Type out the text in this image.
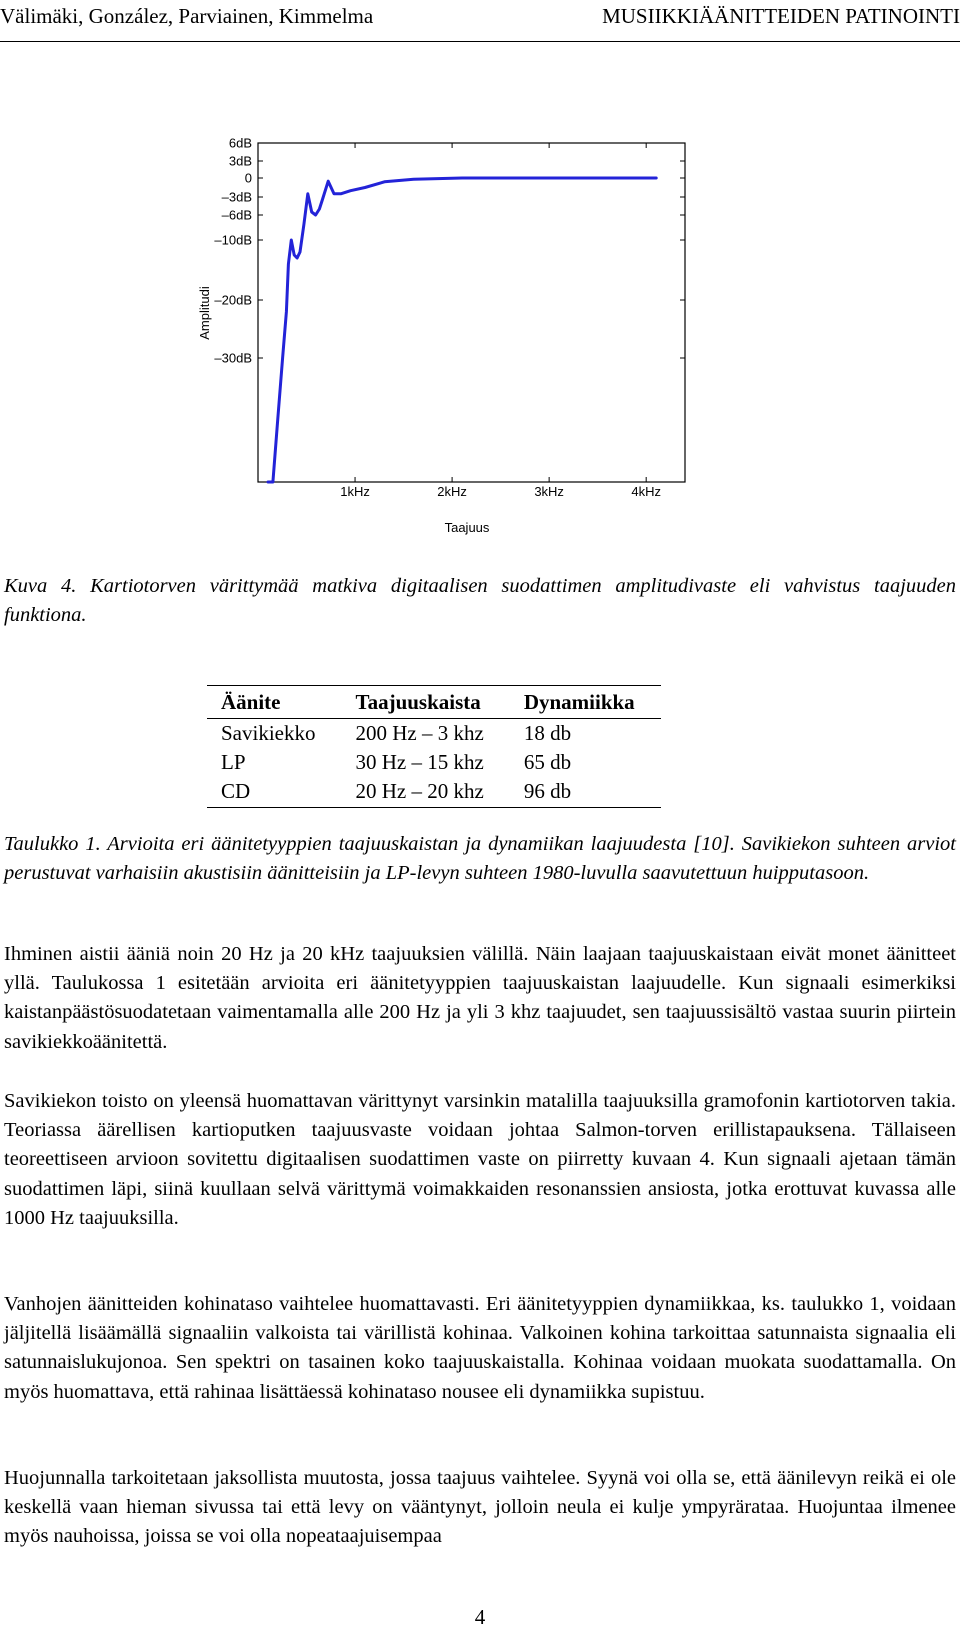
Välimäki, González, Parviainen, Kimmelma	MUSIIKKIÄÄNITTEIDEN PATINOINTI
6dB
3dB
0
–3dB
–6dB
–10dB
–20dB
–30dB
1kHz	2kHz	3kHz	4kHz
Amplitudi
Taajuus

Kuva 4. Kartiotorven värittymää matkiva digitaalisen suodattimen amplitudivaste eli vahvistus taajuuden funktiona.

Äänite	Taajuuskaista	Dynamiikka
Savikiekko	200 Hz – 3 khz	18 db
LP	30 Hz – 15 khz	65 db
CD	20 Hz – 20 khz	96 db

Taulukko 1. Arvioita eri äänitetyyppien taajuuskaistan ja dynamiikan laajuudesta [10]. Savikiekon suhteen arviot perustuvat varhaisiin akustisiin äänitteisiin ja LP-levyn suhteen 1980-luvulla saavutettuun huipputasoon.

Ihminen aistii ääniä noin 20 Hz ja 20 kHz taajuuksien välillä. Näin laajaan taajuuskaistaan eivät monet äänitteet yllä. Taulukossa 1 esitetään arvioita eri äänitetyyppien taajuuskaistan laajuudelle. Kun signaali esimerkiksi kaistanpäästösuodatetaan vaimentamalla alle 200 Hz ja yli 3 khz taajuudet, sen taajuussisältö vastaa suurin piirtein savikiekkoäänitettä.

Savikiekon toisto on yleensä huomattavan värittynyt varsinkin matalilla taajuuksilla gramofonin kartiotorven takia. Teoriassa äärellisen kartioputken taajuusvaste voidaan johtaa Salmon-torven erillistapauksena. Tällaiseen teoreettiseen arvioon sovitettu digitaalisen suodattimen vaste on piirretty kuvaan 4. Kun signaali ajetaan tämän suodattimen läpi, siinä kuullaan selvä värittymä voimakkaiden resonanssien ansiosta, jotka erottuvat kuvassa alle 1000 Hz taajuuksilla.

Vanhojen äänitteiden kohinataso vaihtelee huomattavasti. Eri äänitetyyppien dynamiikkaa, ks. taulukko 1, voidaan jäljitellä lisäämällä signaaliin valkoista tai värillistä kohinaa. Valkoinen kohina tarkoittaa satunnaista signaalia eli satunnaislukujonoa. Sen spektri on tasainen koko taajuuskaistalla. Kohinaa voidaan muokata suodattamalla. On myös huomattava, että rahinaa lisättäessä kohinataso nousee eli dynamiikka supistuu.

Huojunnalla tarkoitetaan jaksollista muutosta, jossa taajuus vaihtelee. Syynä voi olla se, että äänilevyn reikä ei ole keskellä vaan hieman sivussa tai että levy on vääntynyt, jolloin neula ei kulje ympyrärataa. Huojuntaa ilmenee myös nauhoissa, joissa se voi olla nopeataajuisempaa

4
